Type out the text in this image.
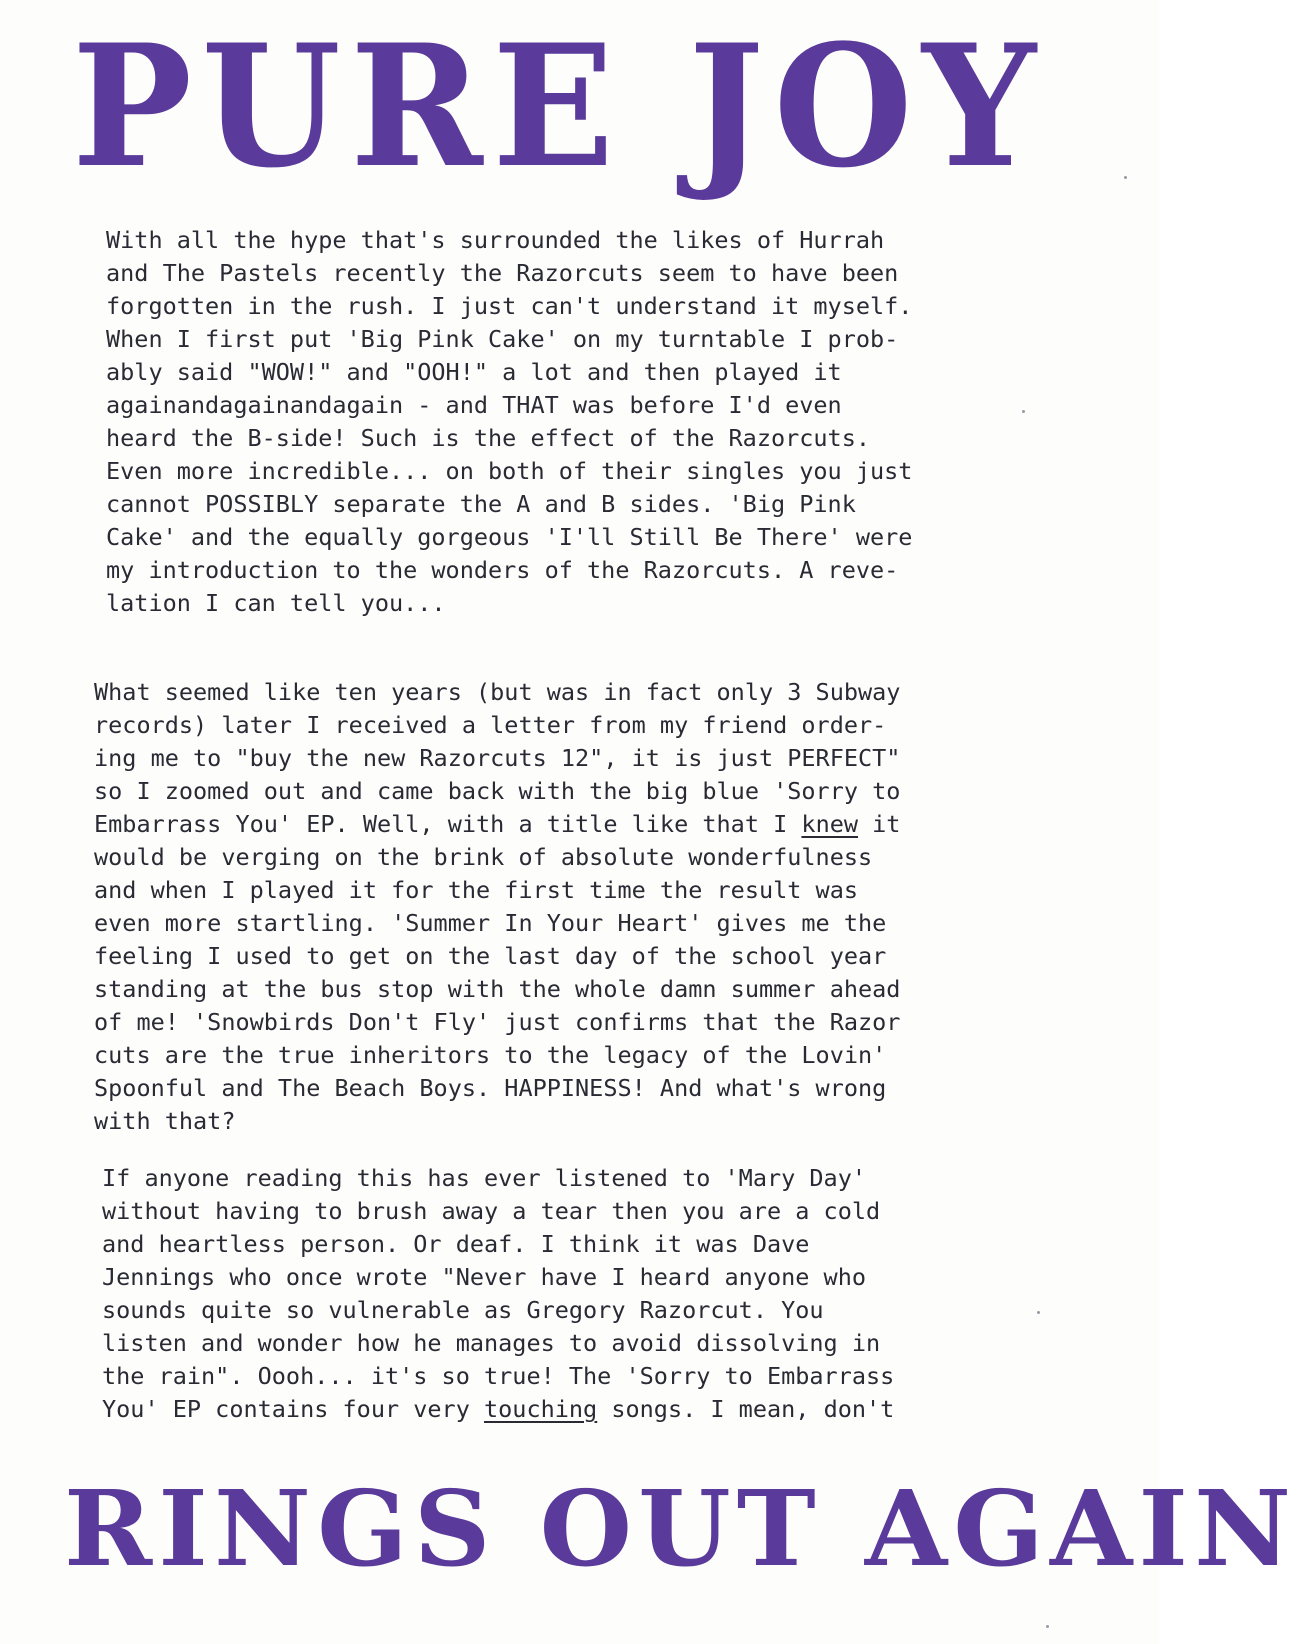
PURE JOY
With all the hype that's surrounded the likes of Hurrah
and The Pastels recently the Razorcuts seem to have been
forgotten in the rush. I just can't understand it myself.
When I first put 'Big Pink Cake' on my turntable I prob-
ably said "WOW!" and "OOH!" a lot and then played it
againandagainandagain - and THAT was before I'd even
heard the B-side! Such is the effect of the Razorcuts.
Even more incredible... on both of their singles you just
cannot POSSIBLY separate the A and B sides. 'Big Pink
Cake' and the equally gorgeous 'I'll Still Be There' were
my introduction to the wonders of the Razorcuts. A reve-
lation I can tell you...
What seemed like ten years (but was in fact only 3 Subway
records) later I received a letter from my friend order-
ing me to "buy the new Razorcuts 12", it is just PERFECT"
so I zoomed out and came back with the big blue 'Sorry to
Embarrass You' EP. Well, with a title like that I knew it
would be verging on the brink of absolute wonderfulness
and when I played it for the first time the result was
even more startling. 'Summer In Your Heart' gives me the
feeling I used to get on the last day of the school year
standing at the bus stop with the whole damn summer ahead
of me! 'Snowbirds Don't Fly' just confirms that the Razor
cuts are the true inheritors to the legacy of the Lovin'
Spoonful and The Beach Boys. HAPPINESS! And what's wrong
with that?
If anyone reading this has ever listened to 'Mary Day'
without having to brush away a tear then you are a cold
and heartless person. Or deaf. I think it was Dave
Jennings who once wrote "Never have I heard anyone who
sounds quite so vulnerable as Gregory Razorcut. You
listen and wonder how he manages to avoid dissolving in
the rain". Oooh... it's so true! The 'Sorry to Embarrass
You' EP contains four very touching songs. I mean, don't
RINGS OUT AGAIN
